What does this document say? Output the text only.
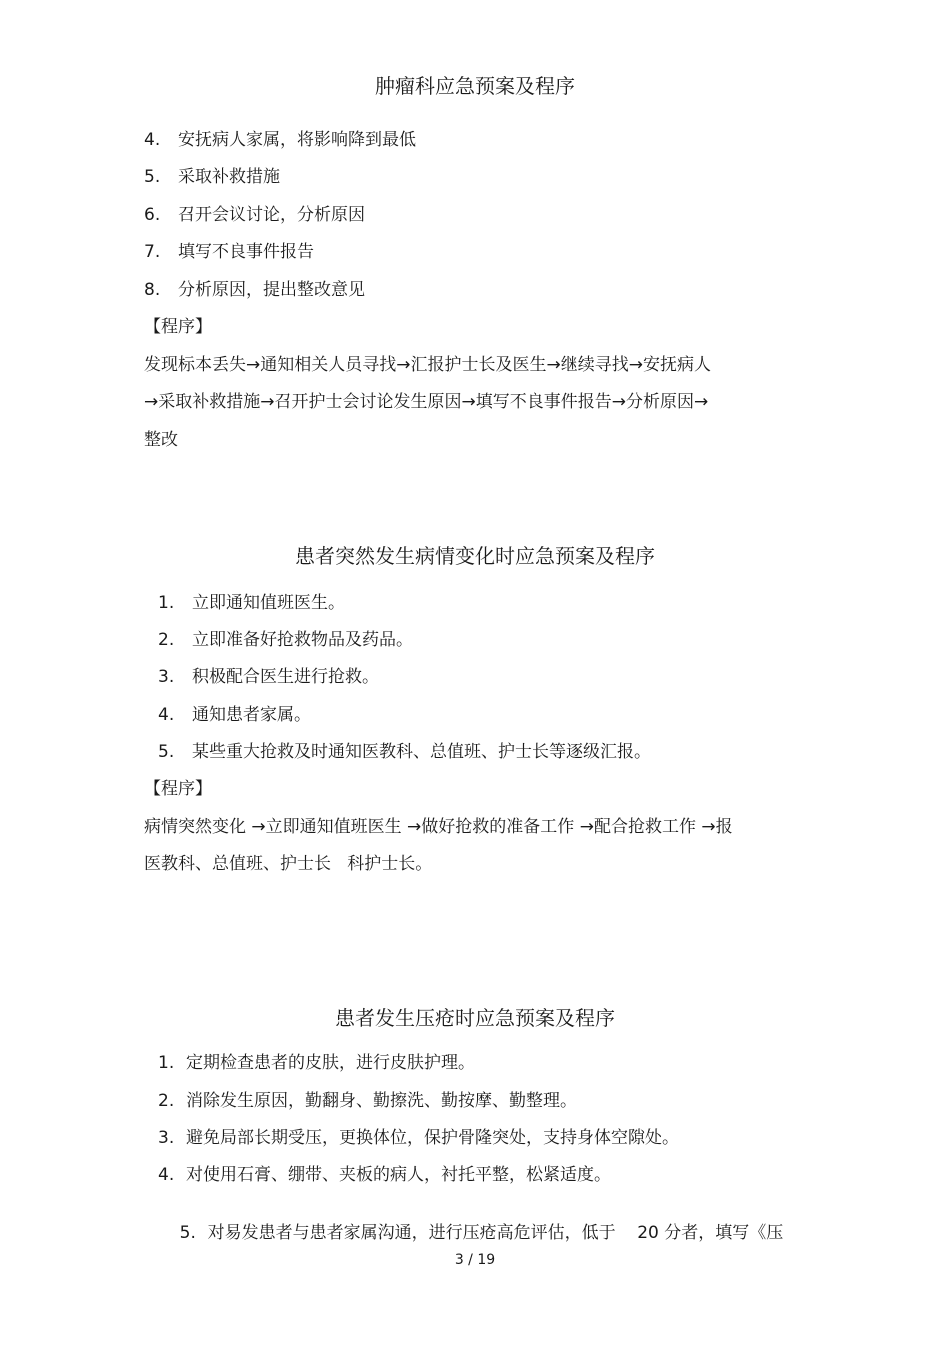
肿瘤科应急预案及程序
4. 安抚病人家属，将影响降到最低
5. 采取补救措施
6. 召开会议讨论，分析原因
7. 填写不良事件报告
8. 分析原因，提出整改意见
【程序】
发现标本丢失→通知相关人员寻找→汇报护士长及医生→继续寻找→安抚病人
→采取补救措施→召开护士会讨论发生原因→填写不良事件报告→分析原因→
整改
患者突然发生病情变化时应急预案及程序
1. 立即通知值班医生。
2. 立即准备好抢救物品及药品。
3. 积极配合医生进行抢救。
4. 通知患者家属。
5. 某些重大抢救及时通知医教科、总值班、护士长等逐级汇报。
【程序】
病情突然变化 →立即通知值班医生 →做好抢救的准备工作 →配合抢救工作 →报
医教科、总值班、护士长   科护士长。
患者发生压疮时应急预案及程序
1. 定期检查患者的皮肤，进行皮肤护理。
2. 消除发生原因，勤翻身、勤擦洗、勤按摩、勤整理。
3. 避免局部长期受压，更换体位，保护骨隆突处，支持身体空隙处。
4. 对使用石膏、绷带、夹板的病人，衬托平整，松紧适度。

5. 对易发患者与患者家属沟通，进行压疮高危评估，低于    20 分者，填写《压

3 / 19
